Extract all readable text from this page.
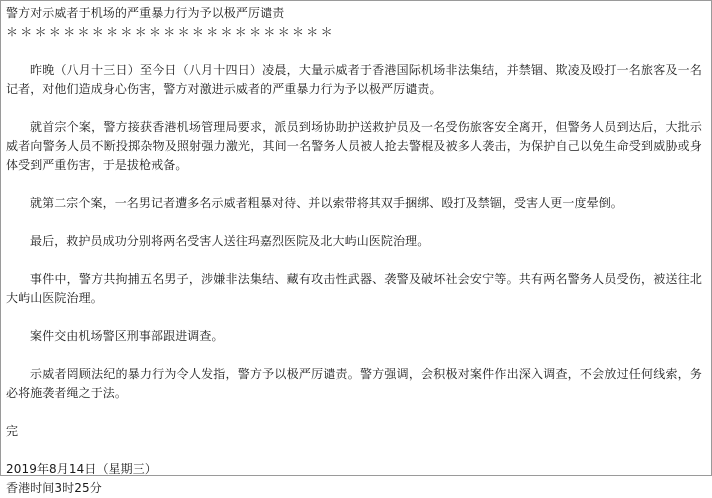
警方对示威者于机场的严重暴力行为予以极严厉谴责
＊＊＊＊＊＊＊＊＊＊＊＊＊＊＊＊＊＊＊＊＊＊＊
昨晚（八月十三日）至今日（八月十四日）凌晨，大量示威者于香港国际机场非法集结，并禁锢、欺凌及殴打一名旅客及一名记者，对他们造成身心伤害，警方对激进示威者的严重暴力行为予以极严厉谴责。
就首宗个案，警方接获香港机场管理局要求，派员到场协助护送救护员及一名受伤旅客安全离开，但警务人员到达后，大批示威者向警务人员不断投掷杂物及照射强力激光，其间一名警务人员被人抢去警棍及被多人袭击，为保护自己以免生命受到威胁或身体受到严重伤害，于是拔枪戒备。
就第二宗个案，一名男记者遭多名示威者粗暴对待、并以索带将其双手捆绑、殴打及禁锢，受害人更一度晕倒。
最后，救护员成功分别将两名受害人送往玛嘉烈医院及北大屿山医院治理。
事件中，警方共拘捕五名男子，涉嫌非法集结、藏有攻击性武器、袭警及破坏社会安宁等。共有两名警务人员受伤，被送往北大屿山医院治理。
案件交由机场警区刑事部跟进调查。
示威者罔顾法纪的暴力行为令人发指，警方予以极严厉谴责。警方强调，会积极对案件作出深入调查，不会放过任何线索，务必将施袭者绳之于法。
完
2019年8月14日（星期三）
香港时间3时25分
